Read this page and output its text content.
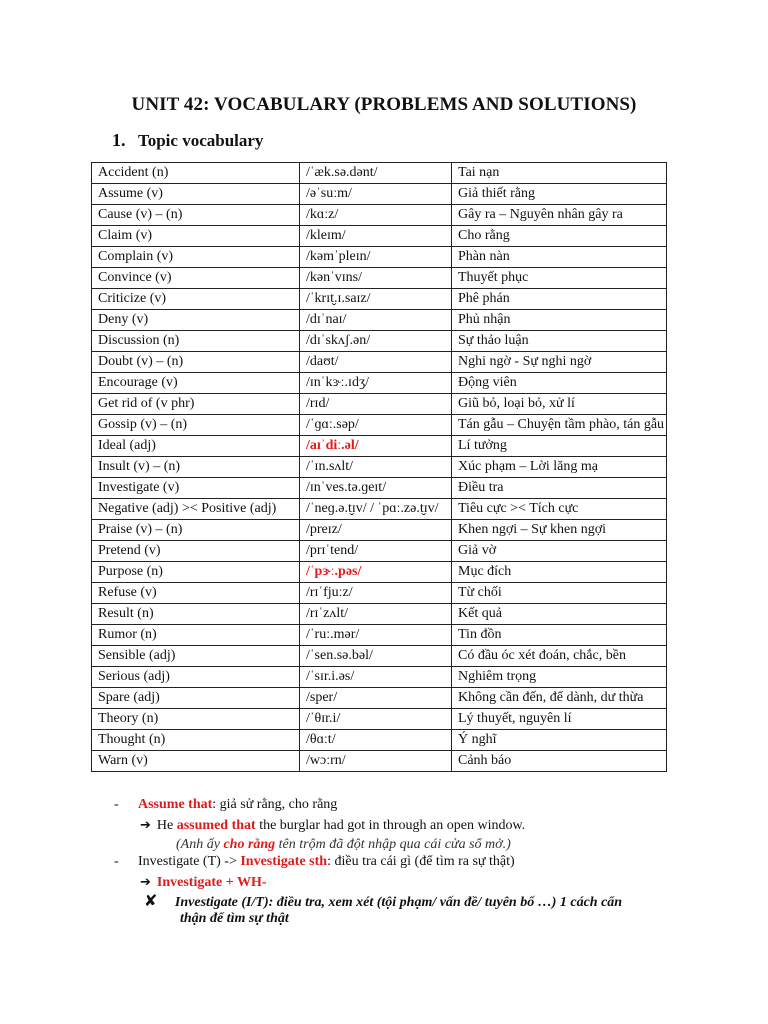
UNIT 42: VOCABULARY (PROBLEMS AND SOLUTIONS)
1. Topic vocabulary
Accident (n)	/ˈæk.sə.dənt/	Tai nạn
Assume (v)	/əˈsuːm/	Giả thiết rằng
Cause (v) – (n)	/kɑːz/	Gây ra – Nguyên nhân gây ra
Claim (v)	/kleɪm/	Cho rằng
Complain (v)	/kəmˈpleɪn/	Phàn nàn
Convince (v)	/kənˈvɪns/	Thuyết phục
Criticize (v)	/ˈkrɪt̬.ɪ.saɪz/	Phê phán
Deny (v)	/dɪˈnaɪ/	Phủ nhận
Discussion (n)	/dɪˈskʌʃ.ən/	Sự thảo luận
Doubt (v) – (n)	/daʊt/	Nghi ngờ - Sự nghi ngờ
Encourage (v)	/ɪnˈkɝː.ɪdʒ/	Động viên
Get rid of (v phr)	/rɪd/	Giũ bỏ, loại bỏ, xử lí
Gossip (v) – (n)	/ˈɡɑː.səp/	Tán gẫu – Chuyện tầm phào, tán gẫu
Ideal (adj)	/aɪˈdiː.əl/	Lí tưởng
Insult (v) – (n)	/ˈɪn.sʌlt/	Xúc phạm – Lời lăng mạ
Investigate (v)	/ɪnˈves.tə.ɡeɪt/	Điều tra
Negative (adj) >< Positive (adj)	/ˈneɡ.ə.t̬ɪv/ / ˈpɑː.zə.t̬ɪv/	Tiêu cực >< Tích cực
Praise (v) – (n)	/preɪz/	Khen ngợi – Sự khen ngợi
Pretend (v)	/prɪˈtend/	Giả vờ
Purpose (n)	/ˈpɝː.pəs/	Mục đích
Refuse (v)	/rɪˈfjuːz/	Từ chối
Result (n)	/rɪˈzʌlt/	Kết quả
Rumor (n)	/ˈruː.mər/	Tin đồn
Sensible (adj)	/ˈsen.sə.bəl/	Có đầu óc xét đoán, chắc, bền
Serious (adj)	/ˈsɪr.i.əs/	Nghiêm trọng
Spare (adj)	/sper/	Không cần đến, để dành, dư thừa
Theory (n)	/ˈθɪr.i/	Lý thuyết, nguyên lí
Thought (n)	/θɑːt/	Ý nghĩ
Warn (v)	/wɔːrn/	Cảnh báo
- Assume that: giả sử rằng, cho rằng
➔ He assumed that the burglar had got in through an open window.
(Anh ấy cho rằng tên trộm đã đột nhập qua cái cửa sổ mở.)
- Investigate (T) -> Investigate sth: điều tra cái gì (để tìm ra sự thật)
➔ Investigate + WH-
✘ Investigate (I/T): điều tra, xem xét (tội phạm/ vấn đề/ tuyên bố …) 1 cách cẩn
thận để tìm sự thật
